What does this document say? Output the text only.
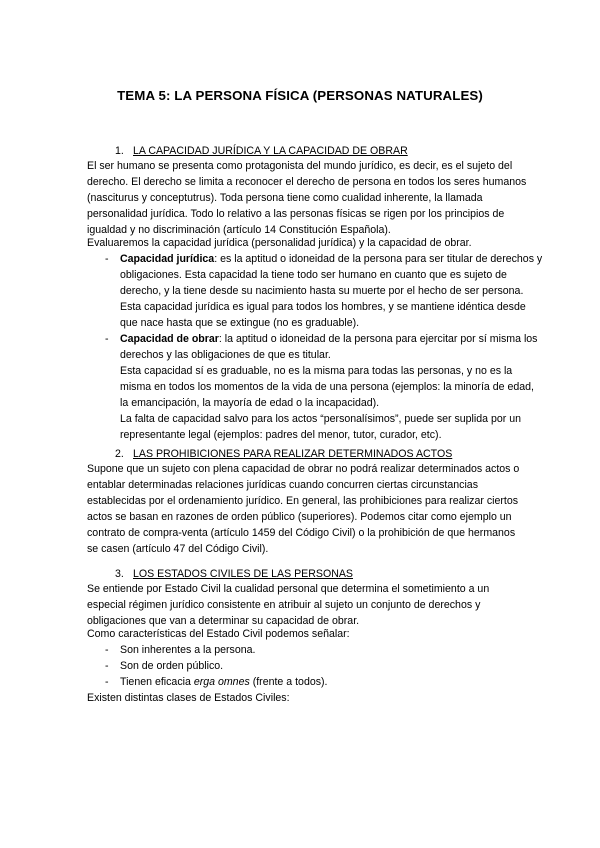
TEMA 5: LA PERSONA FÍSICA (PERSONAS NATURALES)
1. LA CAPACIDAD JURÍDICA Y LA CAPACIDAD DE OBRAR

El ser humano se presenta como protagonista del mundo jurídico, es decir, es el sujeto del derecho. El derecho se limita a reconocer el derecho de persona en todos los seres humanos (nasciturus y conceptutrus). Toda persona tiene como cualidad inherente, la llamada personalidad jurídica. Todo lo relativo a las personas físicas se rigen por los principios de igualdad y no discriminación (artículo 14 Constitución Española).

Evaluaremos la capacidad jurídica (personalidad jurídica) y la capacidad de obrar.

- Capacidad jurídica: es la aptitud o idoneidad de la persona para ser titular de derechos y obligaciones. Esta capacidad la tiene todo ser humano en cuanto que es sujeto de derecho, y la tiene desde su nacimiento hasta su muerte por el hecho de ser persona. Esta capacidad jurídica es igual para todos los hombres, y se mantiene idéntica desde que nace hasta que se extingue (no es graduable).

- Capacidad de obrar: la aptitud o idoneidad de la persona para ejercitar por sí misma los derechos y las obligaciones de que es titular.

Esta capacidad sí es graduable, no es la misma para todas las personas, y no es la misma en todos los momentos de la vida de una persona (ejemplos: la minoría de edad, la emancipación, la mayoría de edad o la incapacidad).

La falta de capacidad salvo para los actos “personalísimos”, puede ser suplida por un representante legal (ejemplos: padres del menor, tutor, curador, etc).

2. LAS PROHIBICIONES PARA REALIZAR DETERMINADOS ACTOS

Supone que un sujeto con plena capacidad de obrar no podrá realizar determinados actos o entablar determinadas relaciones jurídicas cuando concurren ciertas circunstancias establecidas por el ordenamiento jurídico. En general, las prohibiciones para realizar ciertos actos se basan en razones de orden público (superiores). Podemos citar como ejemplo un contrato de compra-venta (artículo 1459 del Código Civil) o la prohibición de que hermanos se casen (artículo 47 del Código Civil).

3. LOS ESTADOS CIVILES DE LAS PERSONAS

Se entiende por Estado Civil la cualidad personal que determina el sometimiento a un especial régimen jurídico consistente en atribuir al sujeto un conjunto de derechos y obligaciones que van a determinar su capacidad de obrar.

Como características del Estado Civil podemos señalar:

- Son inherentes a la persona.

- Son de orden público.

- Tienen eficacia erga omnes (frente a todos).

Existen distintas clases de Estados Civiles:
